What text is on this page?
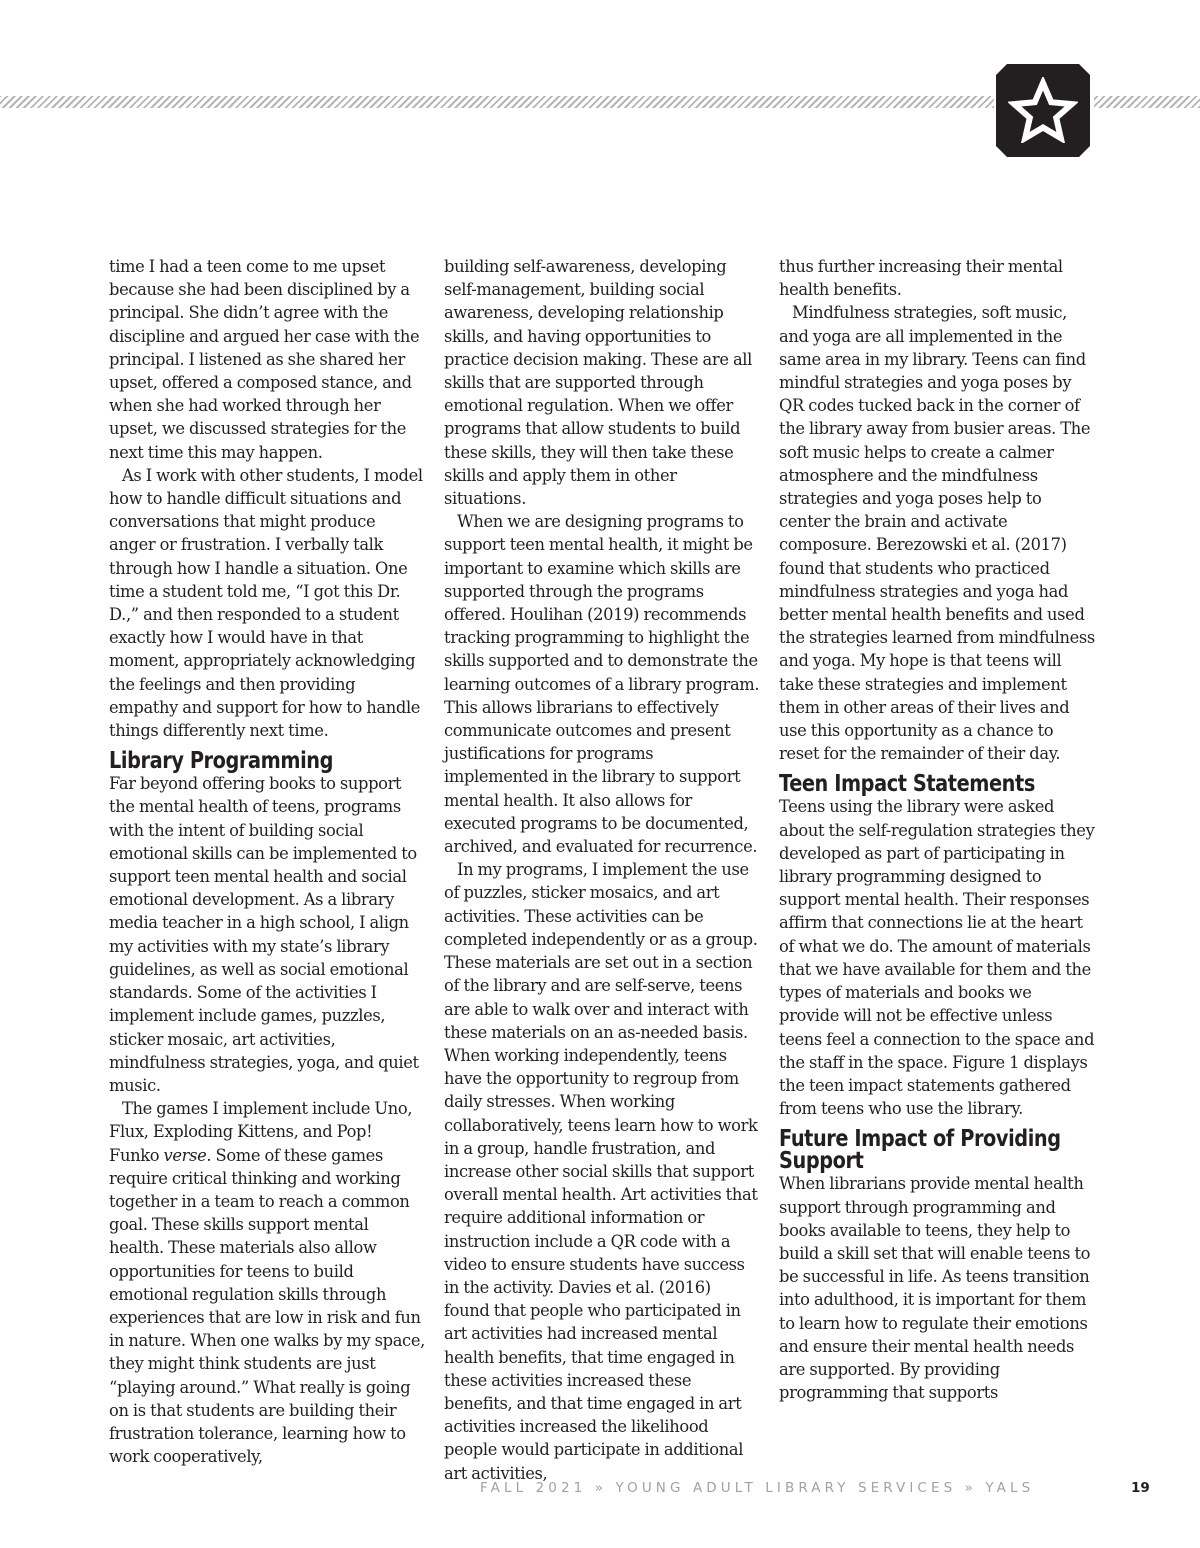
time I had a teen come to me upset because she had been disciplined by a principal. She didn’t agree with the discipline and argued her case with the principal. I listened as she shared her upset, offered a composed stance, and when she had worked through her upset, we discussed strategies for the next time this may happen.

As I work with other students, I model how to handle difficult situations and conversations that might produce anger or frustration. I verbally talk through how I handle a situation. One time a student told me, “I got this Dr. D.,” and then responded to a student exactly how I would have in that moment, appropriately acknowledging the feelings and then providing empathy and support for how to handle things differently next time.

Library Programming

Far beyond offering books to support the mental health of teens, programs with the intent of building social emotional skills can be implemented to support teen mental health and social emotional development. As a library media teacher in a high school, I align my activities with my state’s library guidelines, as well as social emotional standards. Some of the activities I implement include games, puzzles, sticker mosaic, art activities, mindfulness strategies, yoga, and quiet music.

The games I implement include Uno, Flux, Exploding Kittens, and Pop! Funko verse. Some of these games require critical thinking and working together in a team to reach a common goal. These skills support mental health. These materials also allow opportunities for teens to build emotional regulation skills through experiences that are low in risk and fun in nature. When one walks by my space, they might think students are just “playing around.” What really is going on is that students are building their frustration tolerance, learning how to work cooperatively,

building self-awareness, developing self-management, building social awareness, developing relationship skills, and having opportunities to practice decision making. These are all skills that are supported through emotional regulation. When we offer programs that allow students to build these skills, they will then take these skills and apply them in other situations.

When we are designing programs to support teen mental health, it might be important to examine which skills are supported through the programs offered. Houlihan (2019) recommends tracking programming to highlight the skills supported and to demonstrate the learning outcomes of a library program. This allows librarians to effectively communicate outcomes and present justifications for programs implemented in the library to support mental health. It also allows for executed programs to be documented, archived, and evaluated for recurrence.

In my programs, I implement the use of puzzles, sticker mosaics, and art activities. These activities can be completed independently or as a group. These materials are set out in a section of the library and are self-serve, teens are able to walk over and interact with these materials on an as-needed basis. When working independently, teens have the opportunity to regroup from daily stresses. When working collaboratively, teens learn how to work in a group, handle frustration, and increase other social skills that support overall mental health. Art activities that require additional information or instruction include a QR code with a video to ensure students have success in the activity. Davies et al. (2016) found that people who participated in art activities had increased mental health benefits, that time engaged in these activities increased these benefits, and that time engaged in art activities increased the likelihood people would participate in additional art activities,

thus further increasing their mental health benefits.

Mindfulness strategies, soft music, and yoga are all implemented in the same area in my library. Teens can find mindful strategies and yoga poses by QR codes tucked back in the corner of the library away from busier areas. The soft music helps to create a calmer atmosphere and the mindfulness strategies and yoga poses help to center the brain and activate composure. Berezowski et al. (2017) found that students who practiced mindfulness strategies and yoga had better mental health benefits and used the strategies learned from mindfulness and yoga. My hope is that teens will take these strategies and implement them in other areas of their lives and use this opportunity as a chance to reset for the remainder of their day.

Teen Impact Statements

Teens using the library were asked about the self-regulation strategies they developed as part of participating in library programming designed to support mental health. Their responses affirm that connections lie at the heart of what we do. The amount of materials that we have available for them and the types of materials and books we provide will not be effective unless teens feel a connection to the space and the staff in the space. Figure 1 displays the teen impact statements gathered from teens who use the library.

Future Impact of Providing Support

When librarians provide mental health support through programming and books available to teens, they help to build a skill set that will enable teens to be successful in life. As teens transition into adulthood, it is important for them to learn how to regulate their emotions and ensure their mental health needs are supported. By providing programming that supports

FALL 2021 » YOUNG ADULT LIBRARY SERVICES » YALS	19
